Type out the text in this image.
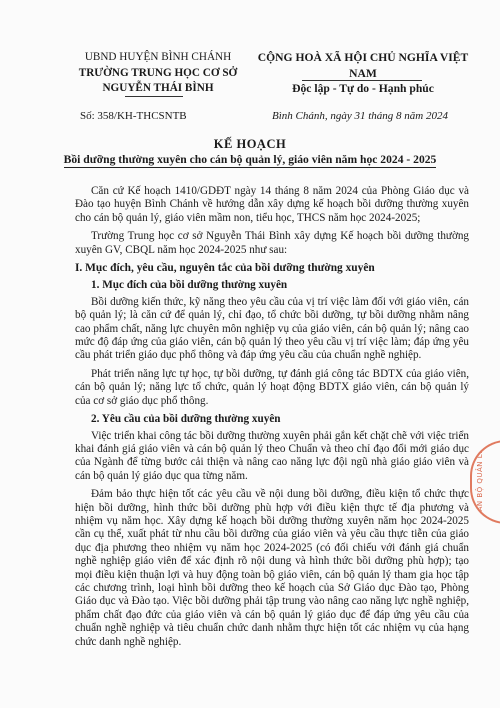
UBND HUYỆN BÌNH CHÁNH
TRƯỜNG TRUNG HỌC CƠ SỞ
NGUYỄN THÁI BÌNH
CỘNG HOÀ XÃ HỘI CHỦ NGHĨA VIỆT NAM
Độc lập - Tự do - Hạnh phúc
Số: 358/KH-THCSNTB	Bình Chánh, ngày 31 tháng 8 năm 2024
KẾ HOẠCH
Bồi dưỡng thường xuyên cho cán bộ quản lý, giáo viên năm học 2024 - 2025

Căn cứ Kế hoạch 1410/GDĐT ngày 14 tháng 8 năm 2024 của Phòng Giáo dục và Đào tạo huyện Bình Chánh về hướng dẫn xây dựng kế hoạch bồi dưỡng thường xuyên cho cán bộ quản lý, giáo viên mầm non, tiểu học, THCS năm học 2024-2025;

Trường Trung học cơ sở Nguyễn Thái Bình xây dựng Kế hoạch bồi dưỡng thường xuyên GV, CBQL năm học 2024-2025 như sau:

I. Mục đích, yêu cầu, nguyên tắc của bồi dưỡng thường xuyên
1. Mục đích của bồi dưỡng thường xuyên

Bồi dưỡng kiến thức, kỹ năng theo yêu cầu của vị trí việc làm đối với giáo viên, cán bộ quản lý; là căn cứ để quản lý, chỉ đạo, tổ chức bồi dưỡng, tự bồi dưỡng nhằm nâng cao phẩm chất, năng lực chuyên môn nghiệp vụ của giáo viên, cán bộ quản lý; nâng cao mức độ đáp ứng của giáo viên, cán bộ quản lý theo yêu cầu vị trí việc làm; đáp ứng yêu cầu phát triển giáo dục phổ thông và đáp ứng yêu cầu của chuẩn nghề nghiệp.

Phát triển năng lực tự học, tự bồi dưỡng, tự đánh giá công tác BDTX của giáo viên, cán bộ quản lý; năng lực tổ chức, quản lý hoạt động BDTX giáo viên, cán bộ quản lý của cơ sở giáo dục phổ thông.

2. Yêu cầu của bồi dưỡng thường xuyên

Việc triển khai công tác bồi dưỡng thường xuyên phải gắn kết chặt chẽ với việc triển khai đánh giá giáo viên và cán bộ quản lý theo Chuẩn và theo chỉ đạo đổi mới giáo dục của Ngành để từng bước cải thiện và nâng cao năng lực đội ngũ nhà giáo giáo viên và cán bộ quản lý giáo dục qua từng năm.

Đảm bảo thực hiện tốt các yêu cầu về nội dung bồi dưỡng, điều kiện tổ chức thực hiện bồi dưỡng, hình thức bồi dưỡng phù hợp với điều kiện thực tế địa phương và nhiệm vụ năm học. Xây dựng kế hoạch bồi dưỡng thường xuyên năm học 2024-2025 cần cụ thể, xuất phát từ nhu cầu bồi dưỡng của giáo viên và yêu cầu thực tiễn của giáo dục địa phương theo nhiệm vụ năm học 2024-2025 (có đối chiếu với đánh giá chuẩn nghề nghiệp giáo viên để xác định rõ nội dung và hình thức bồi dưỡng phù hợp); tạo mọi điều kiện thuận lợi và huy động toàn bộ giáo viên, cán bộ quản lý tham gia học tập các chương trình, loại hình bồi dưỡng theo kế hoạch của Sở Giáo dục Đào tạo, Phòng Giáo dục và Đào tạo. Việc bồi dưỡng phải tập trung vào nâng cao năng lực nghề nghiệp, phẩm chất đạo đức của giáo viên và cán bộ quản lý giáo dục để đáp ứng yêu cầu của chuẩn nghề nghiệp và tiêu chuẩn chức danh nhằm thực hiện tốt các nhiệm vụ của hạng chức danh nghề nghiệp.

CÁN BỘ QUẢN LÝ
